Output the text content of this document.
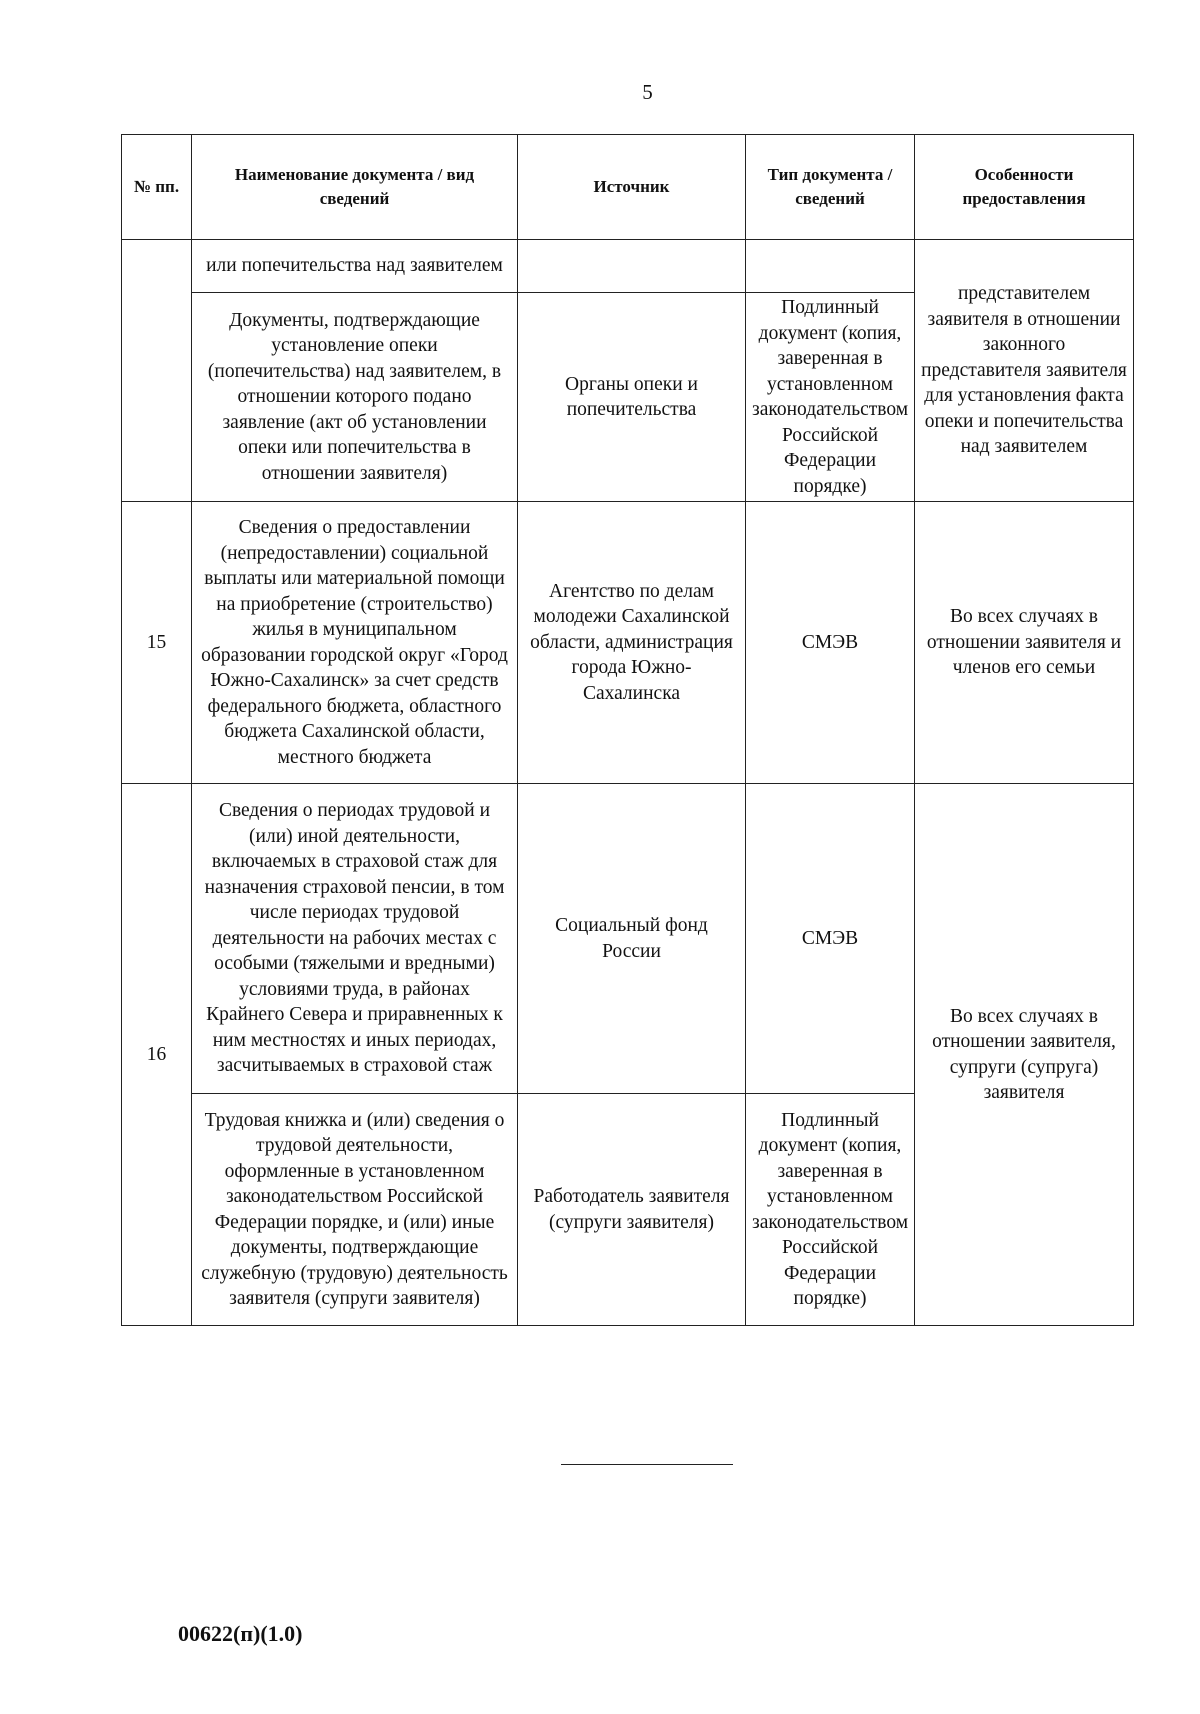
5
№ пп.	Наименование документа / вид сведений	Источник	Тип документа / сведений	Особенности предоставления
	или попечительства над заявителем			представителем заявителя в отношении законного представителя заявителя для установления факта опеки и попечительства над заявителем
	Документы, подтверждающие установление опеки (попечительства) над заявителем, в отношении которого подано заявление (акт об установлении опеки или попечительства в отношении заявителя)	Органы опеки и попечительства	Подлинный документ (копия, заверенная в установленном законодательством Российской Федерации порядке)	
15	Сведения о предоставлении (непредоставлении) социальной выплаты или материальной помощи на приобретение (строительство) жилья в муниципальном образовании городской округ «Город Южно-Сахалинск» за счет средств федерального бюджета, областного бюджета Сахалинской области, местного бюджета	Агентство по делам молодежи Сахалинской области, администрация города Южно-Сахалинска	СМЭВ	Во всех случаях в отношении заявителя и членов его семьи
16	Сведения о периодах трудовой и (или) иной деятельности, включаемых в страховой стаж для назначения страховой пенсии, в том числе периодах трудовой деятельности на рабочих местах с особыми (тяжелыми и вредными) условиями труда, в районах Крайнего Севера и приравненных к ним местностях и иных периодах, засчитываемых в страховой стаж	Социальный фонд России	СМЭВ	Во всех случаях в отношении заявителя, супруги (супруга) заявителя
	Трудовая книжка и (или) сведения о трудовой деятельности, оформленные в установленном законодательством Российской Федерации порядке, и (или) иные документы, подтверждающие служебную (трудовую) деятельность заявителя (супруги заявителя)	Работодатель заявителя (супруги заявителя)	Подлинный документ (копия, заверенная в установленном законодательством Российской Федерации порядке)	
00622(п)(1.0)
